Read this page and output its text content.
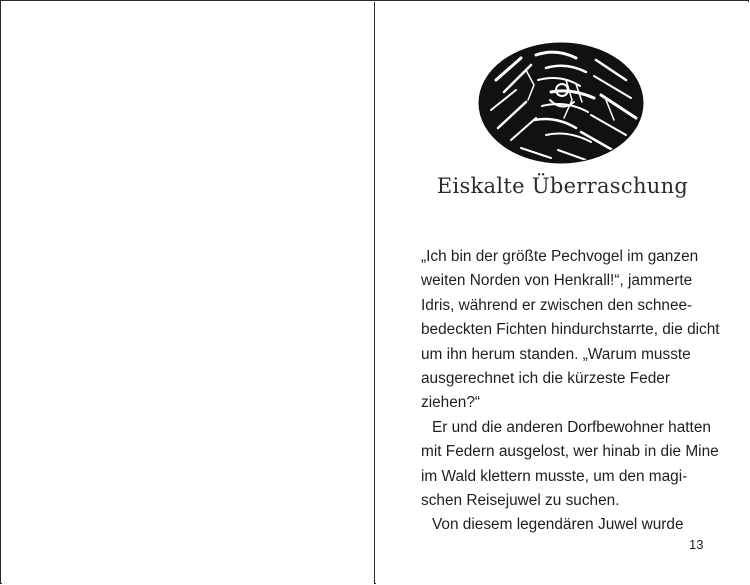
Eiskalte Überraschung
„Ich bin der größte Pechvogel im ganzen
weiten Norden von Henkrall!“, jammerte
Idris, während er zwischen den schnee-
bedeckten Fichten hindurchstarrte, die dicht
um ihn herum standen. „Warum musste
ausgerechnet ich die kürzeste Feder
ziehen?“
Er und die anderen Dorfbewohner hatten
mit Federn ausgelost, wer hinab in die Mine
im Wald klettern musste, um den magi-
schen Reisejuwel zu suchen.
Von diesem legendären Juwel wurde
13
